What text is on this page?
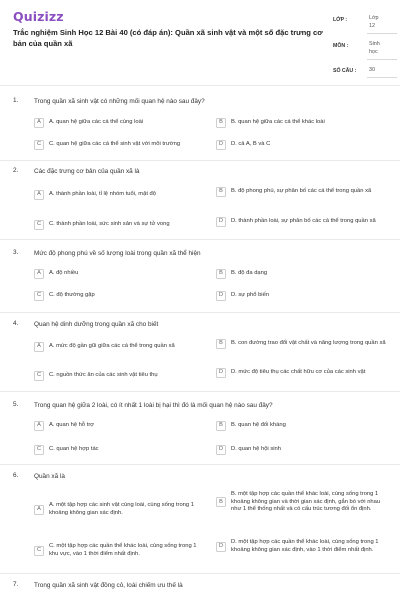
Quizizz
Trắc nghiệm Sinh Học 12 Bài 40 (có đáp án): Quần xã sinh vật và một số đặc trưng cơ bản của quần xã
LỚP :	Lớp 12
MÔN :	Sinh học
SỐ CÂU : 30
1. Trong quần xã sinh vật có những mối quan hệ nào sau đây?
A	A. quan hệ giữa các cá thể cùng loài	B	B. quan hệ giữa các cá thể khác loài
C	C. quan hệ giữa các cá thể sinh vật với môi trường	D	D. cả A, B và C
2. Các đặc trưng cơ bản của quần xã là
A	A. thành phần loài, tỉ lệ nhóm tuổi, mật độ	B	B. độ phong phú, sự phân bố các cá thể trong quần xã
C	C. thành phần loài, sức sinh sản và sự tử vong	D	D. thành phần loài, sự phân bố các cá thể trong quần xã
3. Mức độ phong phú về số lượng loài trong quần xã thể hiện
A	A. độ nhiều	B	B. độ đa dạng
C	C. độ thường gặp	D	D. sự phổ biến
4. Quan hệ dinh dưỡng trong quần xã cho biết
A	A. mức độ gần gũi giữa các cá thể trong quần xã	B	B. con đường trao đổi vật chất và năng lượng trong quần xã
C	C. nguồn thức ăn của các sinh vật tiêu thụ	D	D. mức độ tiêu thụ các chất hữu cơ của các sinh vật
5. Trong quan hệ giữa 2 loài, có ít nhất 1 loài bị hại thì đó là mối quan hệ nào sau đây?
A	A. quan hệ hỗ trợ	B	B. quan hệ đối kháng
C	C. quan hệ hợp tác	D	D. quan hệ hội sinh
6. Quần xã là
A
A. một tập hợp các sinh vật cùng loài, cùng sống trong 1 khoảng không gian xác định.
B
B. một tập hợp các quần thể khác loài, cùng sống trong 1 khoảng không gian và thời gian xác định, gắn bó với nhau như 1 thể thống nhất và có cấu trúc tương đối ổn định.
C
C. một tập hợp các quần thể khác loài, cùng sống trong 1 khu vực, vào 1 thời điểm nhất định.
D
D. một tập hợp các quần thể khác loài, cùng sống trong 1 khoảng không gian xác định, vào 1 thời điểm nhất định.
7. Trong quần xã sinh vật đồng cỏ, loài chiếm ưu thế là
